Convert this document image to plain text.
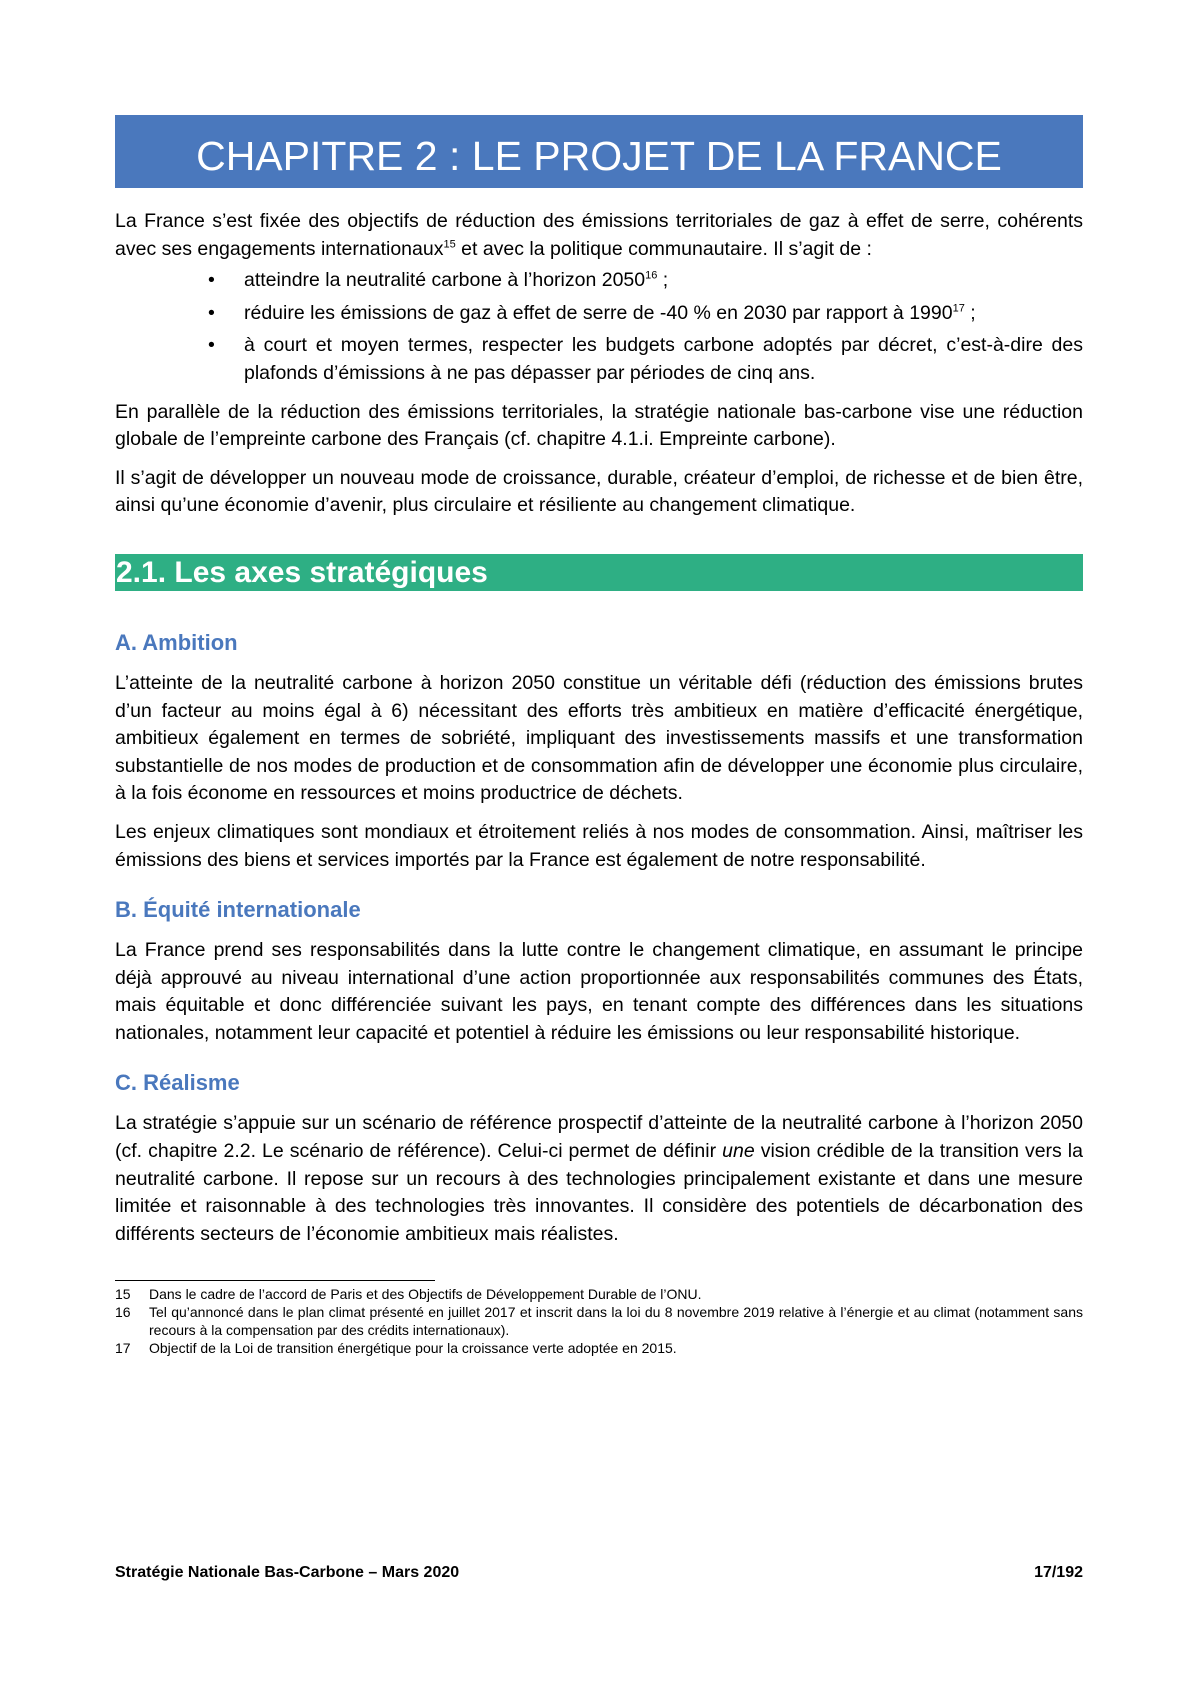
CHAPITRE 2 : LE PROJET DE LA FRANCE

La France s’est fixée des objectifs de réduction des émissions territoriales de gaz à effet de serre, cohérents avec ses engagements internationaux$^{15}$ et avec la politique communautaire. Il s’agit de :

• atteindre la neutralité carbone à l’horizon 2050$^{16}$ ;
• réduire les émissions de gaz à effet de serre de -40 % en 2030 par rapport à 1990$^{17}$ ;
• à court et moyen termes, respecter les budgets carbone adoptés par décret, c’est-à-dire des plafonds d’émissions à ne pas dépasser par périodes de cinq ans.

En parallèle de la réduction des émissions territoriales, la stratégie nationale bas-carbone vise une réduction globale de l’empreinte carbone des Français (cf. chapitre 4.1.i. Empreinte carbone).

Il s’agit de développer un nouveau mode de croissance, durable, créateur d’emploi, de richesse et de bien être, ainsi qu’une économie d’avenir, plus circulaire et résiliente au changement climatique.

2.1. Les axes stratégiques
A. Ambition

L’atteinte de la neutralité carbone à horizon 2050 constitue un véritable défi (réduction des émissions brutes d’un facteur au moins égal à 6) nécessitant des efforts très ambitieux en matière d’efficacité énergétique, ambitieux également en termes de sobriété, impliquant des investissements massifs et une transformation substantielle de nos modes de production et de consommation afin de développer une économie plus circulaire, à la fois économe en ressources et moins productrice de déchets.

Les enjeux climatiques sont mondiaux et étroitement reliés à nos modes de consommation. Ainsi, maîtriser les émissions des biens et services importés par la France est également de notre responsabilité.

B. Équité internationale

La France prend ses responsabilités dans la lutte contre le changement climatique, en assumant le principe déjà approuvé au niveau international d’une action proportionnée aux responsabilités communes des États, mais équitable et donc différenciée suivant les pays, en tenant compte des différences dans les situations nationales, notamment leur capacité et potentiel à réduire les émissions ou leur responsabilité historique.

C. Réalisme

La stratégie s’appuie sur un scénario de référence prospectif d’atteinte de la neutralité carbone à l’horizon 2050 (cf. chapitre 2.2. Le scénario de référence). Celui-ci permet de définir une vision crédible de la transition vers la neutralité carbone. Il repose sur un recours à des technologies principalement existante et dans une mesure limitée et raisonnable à des technologies très innovantes. Il considère des potentiels de décarbonation des différents secteurs de l’économie ambitieux mais réalistes.

15 Dans le cadre de l’accord de Paris et des Objectifs de Développement Durable de l’ONU.
16 Tel qu’annoncé dans le plan climat présenté en juillet 2017 et inscrit dans la loi du 8 novembre 2019 relative à l’énergie et au climat (notamment sans recours à la compensation par des crédits internationaux).
17 Objectif de la Loi de transition énergétique pour la croissance verte adoptée en 2015.
Stratégie Nationale Bas-Carbone – Mars 2020	17/192
